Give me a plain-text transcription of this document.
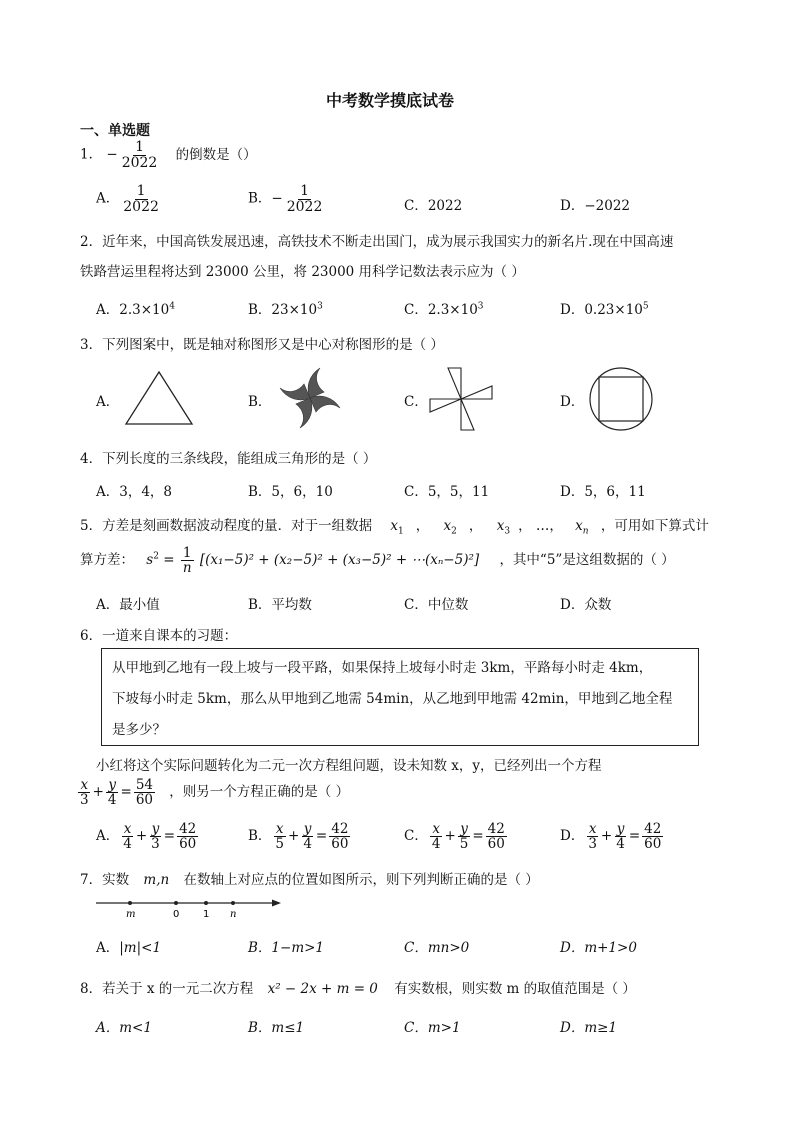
中考数学摸底试卷
一、单选题
1． − $\frac{1}{2022}$ 的倒数是（）
A． $\frac{1}{2022}$	B．− $\frac{1}{2022}$	C．2022	D．−2022
2．近年来，中国高铁发展迅速，高铁技术不断走出国门，成为展示我国实力的新名片.现在中国高速
铁路营运里程将达到 23000 公里，将 23000 用科学记数法表示应为（ ）
A．$2.3\times 10^4$	B．$23\times 10^3$	C．$2.3\times 10^3$	D．$0.23\times 10^5$
3．下列图案中，既是轴对称图形又是中心对称图形的是（ ）
A．	B．	C．	D．
4．下列长度的三条线段，能组成三角形的是（ ）
A．3，4，8	B．5，6，10	C．5，5，11	D．5，6，11
5．方差是刻画数据波动程度的量．对于一组数据 $x_1$ ， $x_2$ ， $x_3$ ， …， $x_n$ ，可用如下算式计
算方差： $s^2 = \frac{1}{n} [(x_1-5)^2 + (x_2-5)^2 + (x_3-5)^2$ + ⋯(xₙ−5)²] ，其中“5”是这组数据的（ ）
A．最小值	B．平均数	C．中位数	D．众数
6．一道来自课本的习题：
从甲地到乙地有一段上坡与一段平路，如果保持上坡每小时走 3km，平路每小时走 4km，
下坡每小时走 5km，那么从甲地到乙地需 54min，从乙地到甲地需 42min，甲地到乙地全程
是多少？
小红将这个实际问题转化为二元一次方程组问题，设未知数 x，y，已经列出一个方程
$\frac{x}{3} + \frac{y}{4} = \frac{54}{60}$ ，则另一个方程正确的是（ ）
A． $\frac{x}{4} + \frac{y}{3} = \frac{42}{60}$	B． $\frac{x}{5} + \frac{y}{4} = \frac{42}{60}$	C． $\frac{x}{4} + \frac{y}{5} = \frac{42}{60}$	D． $\frac{x}{3} + \frac{y}{4} = \frac{42}{60}$
7．实数 m,n 在数轴上对应点的位置如图所示，则下列判断正确的是（ ）
m	0 1 n
A．|m|<1	B．1−m>1	C．mn>0	D．m+1>0
8．若关于 x 的一元二次方程 x² − 2x + m = 0 有实数根，则实数 m 的取值范围是（ ）
A．m<1	B．m≤1	C．m>1	D．m≥1
